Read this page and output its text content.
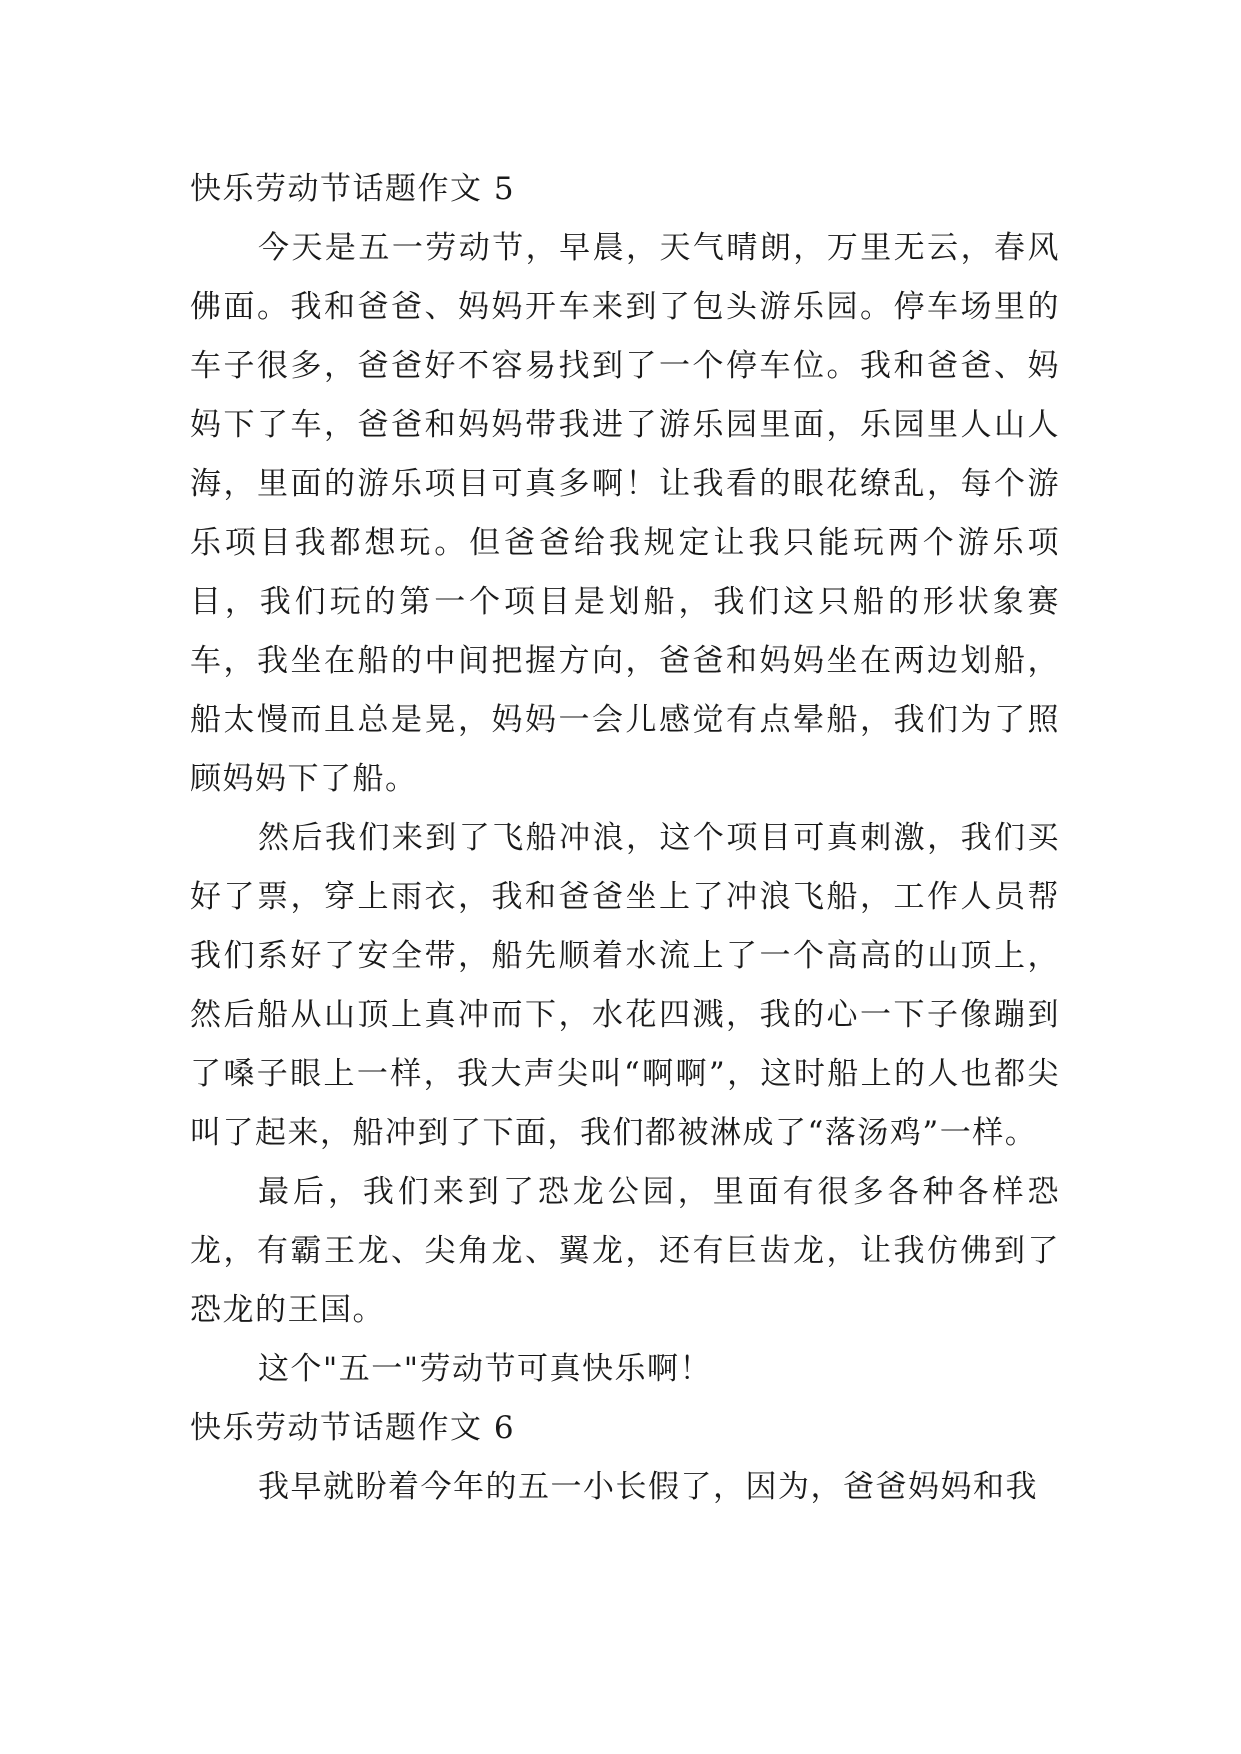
快乐劳动节话题作文 5

今天是五一劳动节，早晨，天气晴朗，万里无云，春风佛面。我和爸爸、妈妈开车来到了包头游乐园。停车场里的车子很多，爸爸好不容易找到了一个停车位。我和爸爸、妈妈下了车，爸爸和妈妈带我进了游乐园里面，乐园里人山人海，里面的游乐项目可真多啊！让我看的眼花缭乱，每个游乐项目我都想玩。但爸爸给我规定让我只能玩两个游乐项目，我们玩的第一个项目是划船，我们这只船的形状象赛车，我坐在船的中间把握方向，爸爸和妈妈坐在两边划船，船太慢而且总是晃，妈妈一会儿感觉有点晕船，我们为了照顾妈妈下了船。

然后我们来到了飞船冲浪，这个项目可真刺激，我们买好了票，穿上雨衣，我和爸爸坐上了冲浪飞船，工作人员帮我们系好了安全带，船先顺着水流上了一个高高的山顶上，然后船从山顶上真冲而下，水花四溅，我的心一下子像蹦到了嗓子眼上一样，我大声尖叫“啊啊”，这时船上的人也都尖叫了起来，船冲到了下面，我们都被淋成了“落汤鸡”一样。

最后，我们来到了恐龙公园，里面有很多各种各样恐龙，有霸王龙、尖角龙、翼龙，还有巨齿龙，让我仿佛到了恐龙的王国。

这个"五一"劳动节可真快乐啊！

快乐劳动节话题作文 6

我早就盼着今年的五一小长假了，因为，爸爸妈妈和我
